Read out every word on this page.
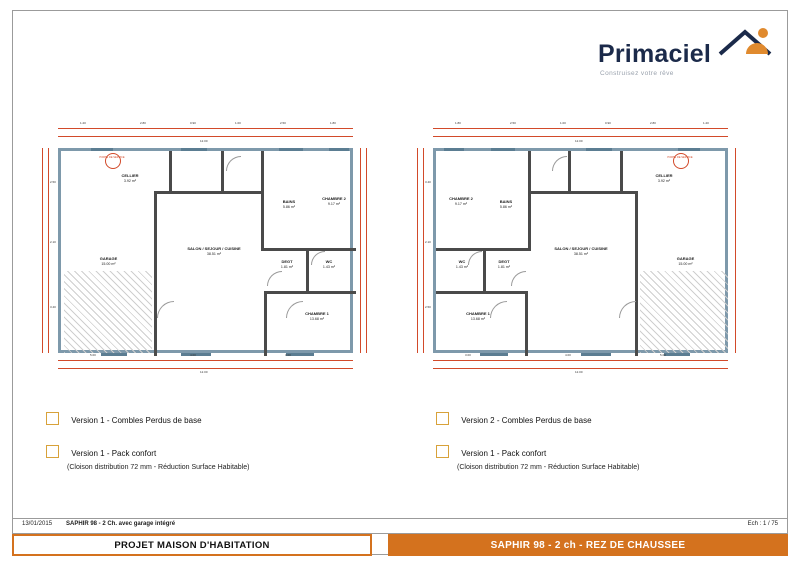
Primaciel
Construisez votre rêve
1.20	2.80	0.90	1.00	2.50	1.80
12.00
2.50
2.10
3.40
GARAGE
15.00 m²
CELLIER
3.92 m²
SALON / SEJOUR / CUISINE
38.51 m²
BAINS
5.86 m²
CHAMBRE 2
9.17 m²
DEGT
1.81 m²
WC
1.43 m²
CHAMBRE 1
13.68 m²
PORTE DE SERVICE
5.00	4.00	3.00
12.00
1.80	2.50	1.00	0.90	2.80	1.20
12.00
3.40
2.10
2.50
CHAMBRE 2
9.17 m²	BAINS
5.86 m²
CELLIER
3.92 m²
WC
1.43 m²
DEGT
1.81 m²
SALON / SEJOUR / CUISINE
38.51 m²
GARAGE
15.00 m²
CHAMBRE 1
13.68 m²
PORTE DE SERVICE
3.00	4.00	5.00
12.00
Version 1 - Combles Perdus de base
Version 1 - Pack confort
(Cloison distribution 72 mm - Réduction Surface Habitable)
Version 2 - Combles Perdus de base
Version 1 - Pack confort
(Cloison distribution 72 mm - Réduction Surface Habitable)
13/01/2015 SAPHIR 98 - 2 Ch. avec garage intégré	Ech : 1 / 75
PROJET MAISON D'HABITATION	SAPHIR 98 - 2 ch - REZ DE CHAUSSEE
